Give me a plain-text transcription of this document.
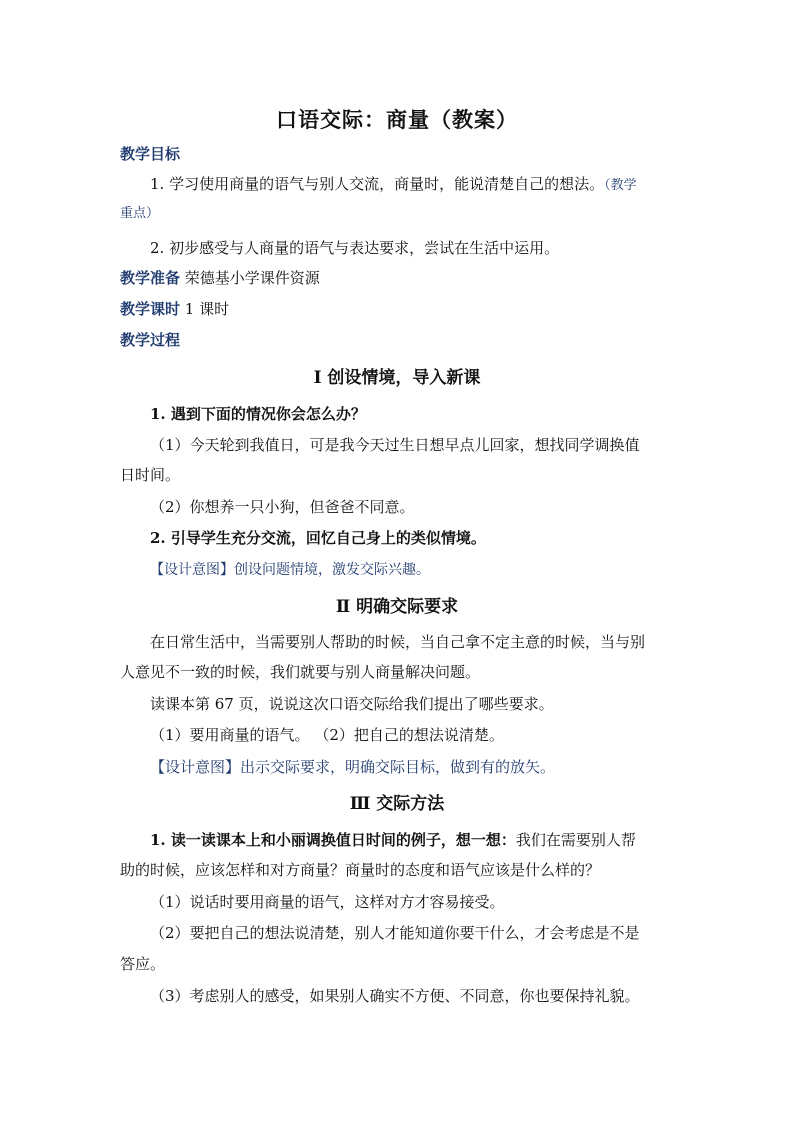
口语交际：商量（教案）
教学目标
1. 学习使用商量的语气与别人交流，商量时，能说清楚自己的想法。（教学
重点）
2. 初步感受与人商量的语气与表达要求，尝试在生活中运用。
教学准备 荣德基小学课件资源
教学课时 1 课时
教学过程
Ⅰ 创设情境，导入新课
1. 遇到下面的情况你会怎么办？
（1）今天轮到我值日，可是我今天过生日想早点儿回家，想找同学调换值
日时间。
（2）你想养一只小狗，但爸爸不同意。
2. 引导学生充分交流，回忆自己身上的类似情境。
【设计意图】创设问题情境，激发交际兴趣。
Ⅱ 明确交际要求
在日常生活中，当需要别人帮助的时候，当自己拿不定主意的时候，当与别
人意见不一致的时候，我们就要与别人商量解决问题。
读课本第 67 页，说说这次口语交际给我们提出了哪些要求。
（1）要用商量的语气。 （2）把自己的想法说清楚。
【设计意图】出示交际要求，明确交际目标，做到有的放矢。
Ⅲ 交际方法
1. 读一读课本上和小丽调换值日时间的例子，想一想：我们在需要别人帮
助的时候，应该怎样和对方商量？商量时的态度和语气应该是什么样的？
（1）说话时要用商量的语气，这样对方才容易接受。
（2）要把自己的想法说清楚，别人才能知道你要干什么，才会考虑是不是
答应。
（3）考虑别人的感受，如果别人确实不方便、不同意，你也要保持礼貌。
